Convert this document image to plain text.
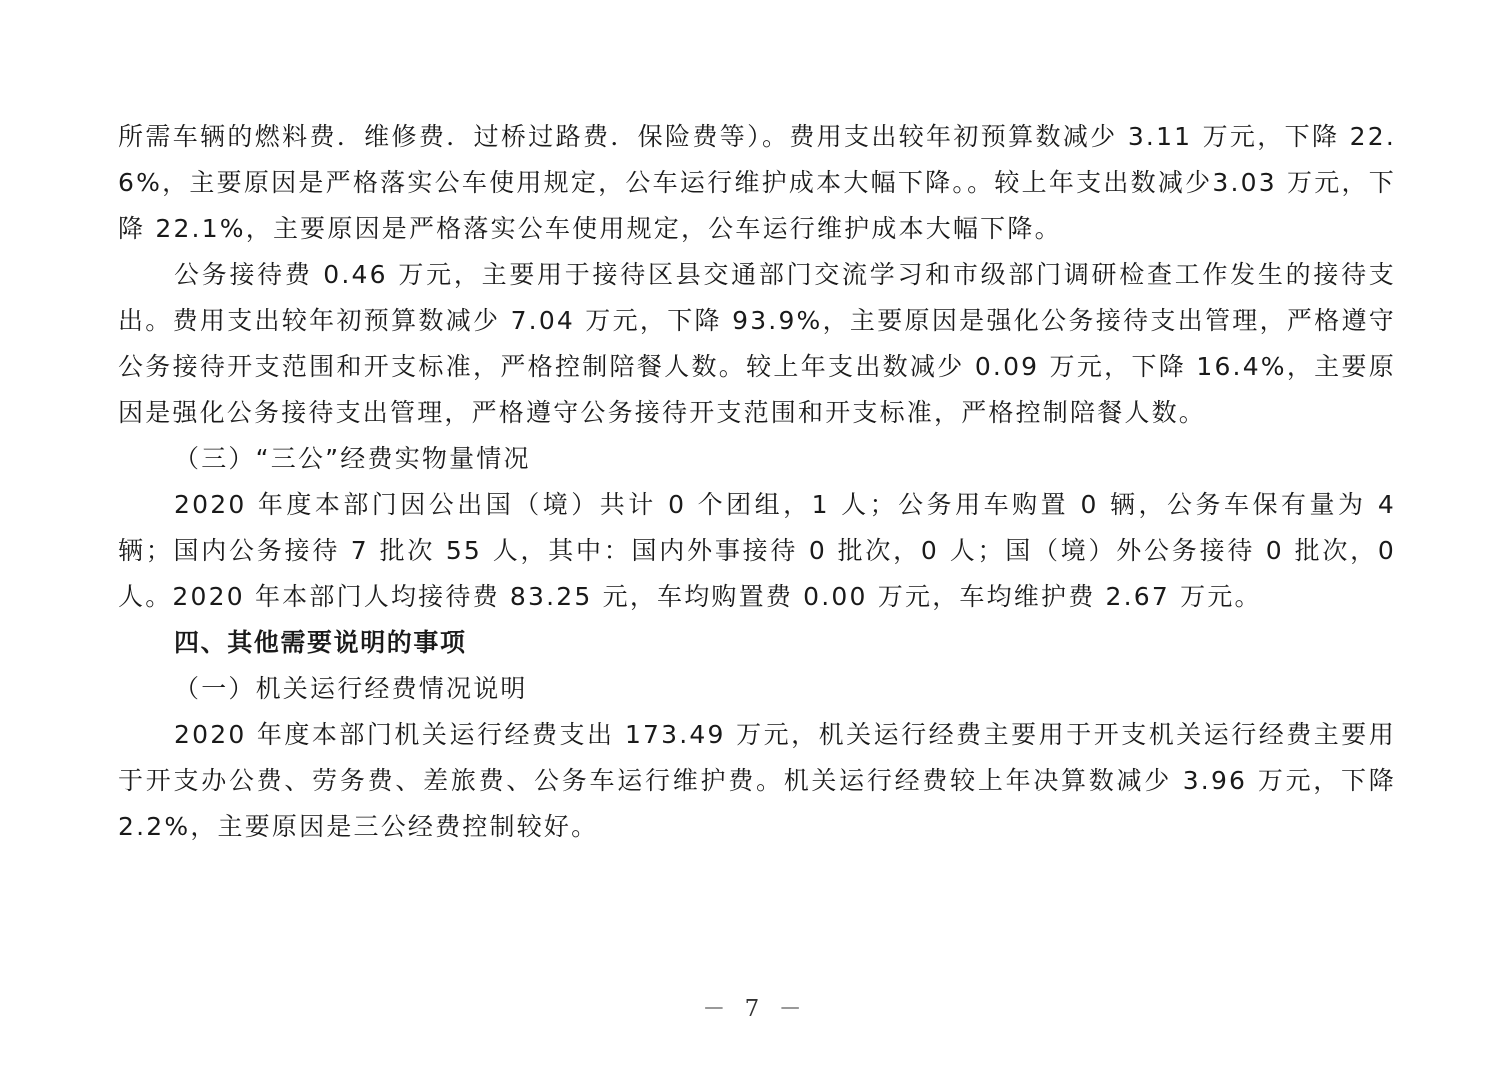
所需车辆的燃料费．维修费．过桥过路费．保险费等）。费用支出较年初预算数减少 3.11 万元，下降 22.6%，主要原因是严格落实公车使用规定，公车运行维护成本大幅下降。。较上年支出数减少3.03 万元，下降 22.1%，主要原因是严格落实公车使用规定，公车运行维护成本大幅下降。

公务接待费 0.46 万元，主要用于接待区县交通部门交流学习和市级部门调研检查工作发生的接待支出。费用支出较年初预算数减少 7.04 万元，下降 93.9%，主要原因是强化公务接待支出管理，严格遵守公务接待开支范围和开支标准，严格控制陪餐人数。较上年支出数减少 0.09 万元，下降 16.4%，主要原因是强化公务接待支出管理，严格遵守公务接待开支范围和开支标准，严格控制陪餐人数。

（三）“三公”经费实物量情况

2020 年度本部门因公出国（境）共计 0 个团组，1 人；公务用车购置 0 辆，公务车保有量为 4 辆；国内公务接待 7 批次 55 人，其中：国内外事接待 0 批次，0 人；国（境）外公务接待 0 批次，0 人。2020 年本部门人均接待费 83.25 元，车均购置费 0.00 万元，车均维护费 2.67 万元。

四、其他需要说明的事项

（一）机关运行经费情况说明

2020 年度本部门机关运行经费支出 173.49 万元，机关运行经费主要用于开支机关运行经费主要用于开支办公费、劳务费、差旅费、公务车运行维护费。机关运行经费较上年决算数减少 3.96 万元，下降 2.2%，主要原因是三公经费控制较好。

－ 7 －
